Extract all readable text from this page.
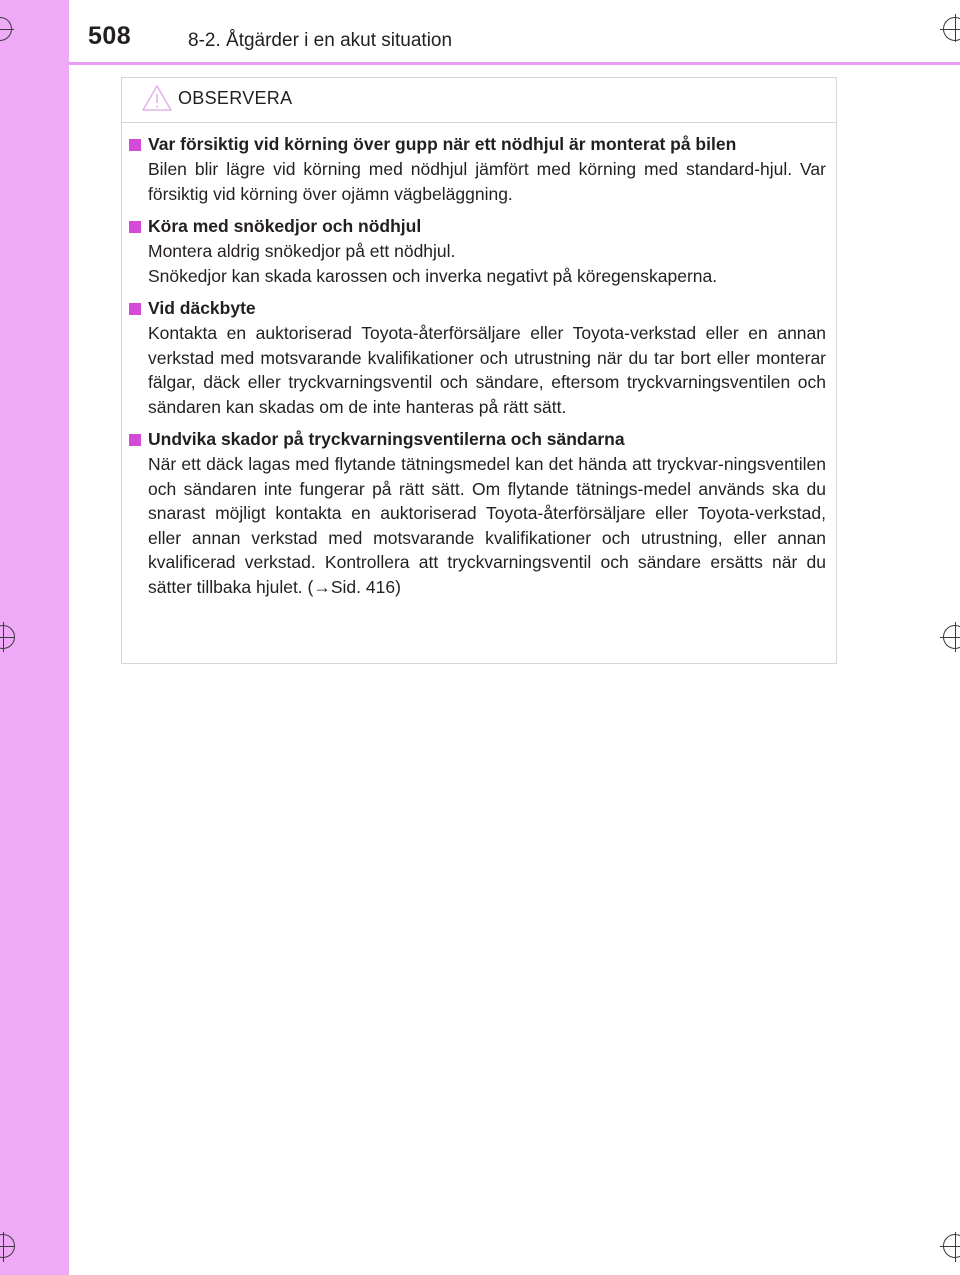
508	8-2. Åtgärder i en akut situation
OBSERVERA
Var försiktig vid körning över gupp när ett nödhjul är monterat på bilen

Bilen blir lägre vid körning med nödhjul jämfört med körning med standard-hjul. Var försiktig vid körning över ojämn vägbeläggning.

Köra med snökedjor och nödhjul

Montera aldrig snökedjor på ett nödhjul.

Snökedjor kan skada karossen och inverka negativt på köregenskaperna.

Vid däckbyte

Kontakta en auktoriserad Toyota-återförsäljare eller Toyota-verkstad eller en annan verkstad med motsvarande kvalifikationer och utrustning när du tar bort eller monterar fälgar, däck eller tryckvarningsventil och sändare, eftersom tryckvarningsventilen och sändaren kan skadas om de inte hanteras på rätt sätt.

Undvika skador på tryckvarningsventilerna och sändarna

När ett däck lagas med flytande tätningsmedel kan det hända att tryckvar-ningsventilen och sändaren inte fungerar på rätt sätt. Om flytande tätnings-medel används ska du snarast möjligt kontakta en auktoriserad Toyota-återförsäljare eller Toyota-verkstad, eller annan verkstad med motsvarande kvalifikationer och utrustning, eller annan kvalificerad verkstad. Kontrollera att tryckvarningsventil och sändare ersätts när du sätter tillbaka hjulet. (→Sid. 416)
